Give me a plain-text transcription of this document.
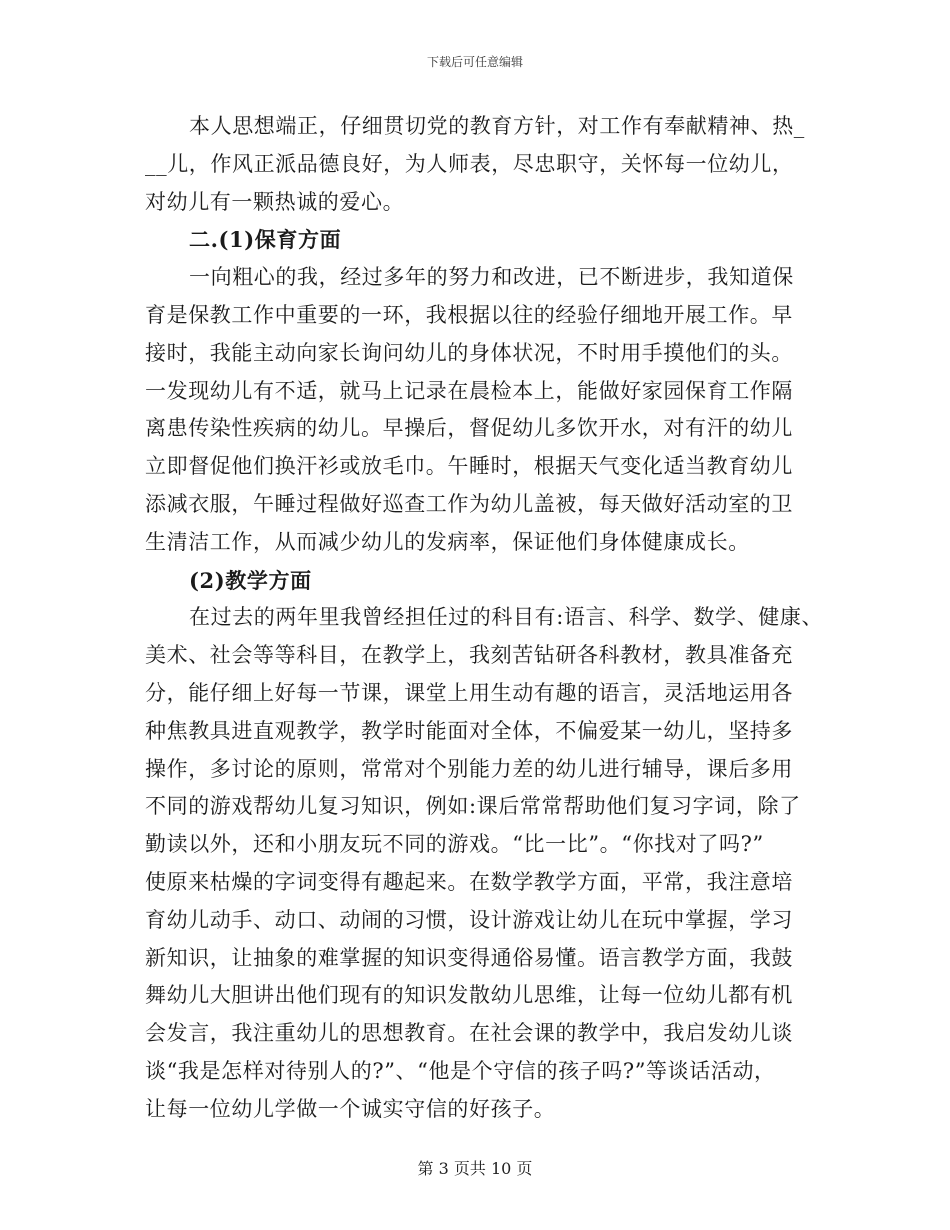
下载后可任意编辑
本人思想端正，仔细贯切党的教育方针，对工作有奉献精神、热_
__儿，作风正派品德良好，为人师表，尽忠职守，关怀每一位幼儿，
对幼儿有一颗热诚的爱心。
二.(1)保育方面
一向粗心的我，经过多年的努力和改进，已不断进步，我知道保
育是保教工作中重要的一环，我根据以往的经验仔细地开展工作。早
接时，我能主动向家长询问幼儿的身体状况，不时用手摸他们的头。
一发现幼儿有不适，就马上记录在晨检本上，能做好家园保育工作隔
离患传染性疾病的幼儿。早操后，督促幼儿多饮开水，对有汗的幼儿
立即督促他们换汗衫或放毛巾。午睡时，根据天气变化适当教育幼儿
添减衣服，午睡过程做好巡查工作为幼儿盖被，每天做好活动室的卫
生清洁工作，从而减少幼儿的发病率，保证他们身体健康成长。
(2)教学方面
在过去的两年里我曾经担任过的科目有:语言、科学、数学、健康、
美术、社会等等科目，在教学上，我刻苦钻研各科教材，教具准备充
分，能仔细上好每一节课，课堂上用生动有趣的语言，灵活地运用各
种焦教具进直观教学，教学时能面对全体，不偏爱某一幼儿，坚持多
操作，多讨论的原则，常常对个别能力差的幼儿进行辅导，课后多用
不同的游戏帮幼儿复习知识，例如:课后常常帮助他们复习字词，除了
勤读以外，还和小朋友玩不同的游戏。“比一比”。“你找对了吗?”
使原来枯燥的字词变得有趣起来。在数学教学方面，平常，我注意培
育幼儿动手、动口、动闹的习惯，设计游戏让幼儿在玩中掌握，学习
新知识，让抽象的难掌握的知识变得通俗易懂。语言教学方面，我鼓
舞幼儿大胆讲出他们现有的知识发散幼儿思维，让每一位幼儿都有机
会发言，我注重幼儿的思想教育。在社会课的教学中，我启发幼儿谈
谈“我是怎样对待别人的?”、“他是个守信的孩子吗?”等谈话活动，
让每一位幼儿学做一个诚实守信的好孩子。
第 3 页共 10 页
